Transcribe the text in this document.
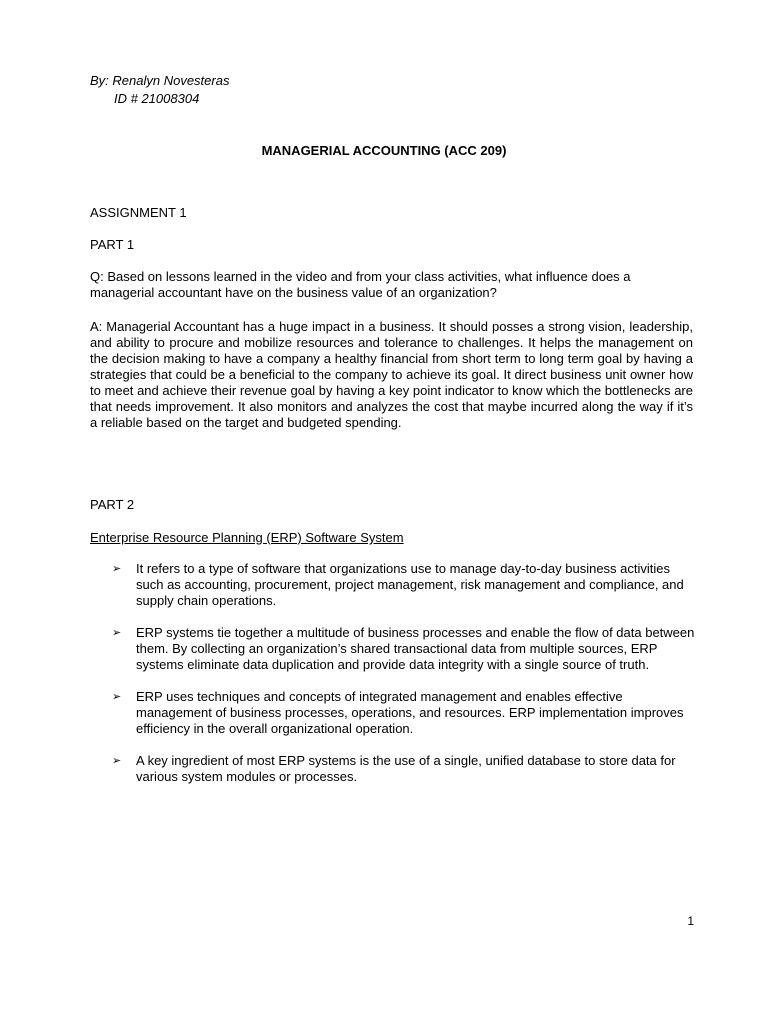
By: Renalyn Novesteras
ID # 21008304
MANAGERIAL ACCOUNTING (ACC 209)
ASSIGNMENT 1
PART 1
Q: Based on lessons learned in the video and from your class activities, what influence does a managerial accountant have on the business value of an organization?
A: Managerial Accountant has a huge impact in a business. It should posses a strong vision, leadership, and ability to procure and mobilize resources and tolerance to challenges. It helps the management on the decision making to have a company a healthy financial from short term to long term goal by having a strategies that could be a beneficial to the company to achieve its goal. It direct business unit owner how to meet and achieve their revenue goal by having a key point indicator to know which the bottlenecks are that needs improvement. It also monitors and analyzes the cost that maybe incurred along the way if it’s a reliable based on the target and budgeted spending.
PART 2
Enterprise Resource Planning (ERP) Software System
➢ It refers to a type of software that organizations use to manage day-to-day business activities such as accounting, procurement, project management, risk management and compliance, and supply chain operations.
➢ ERP systems tie together a multitude of business processes and enable the flow of data between them. By collecting an organization’s shared transactional data from multiple sources, ERP systems eliminate data duplication and provide data integrity with a single source of truth.
➢ ERP uses techniques and concepts of integrated management and enables effective management of business processes, operations, and resources. ERP implementation improves efficiency in the overall organizational operation.
➢ A key ingredient of most ERP systems is the use of a single, unified database to store data for various system modules or processes.
1
